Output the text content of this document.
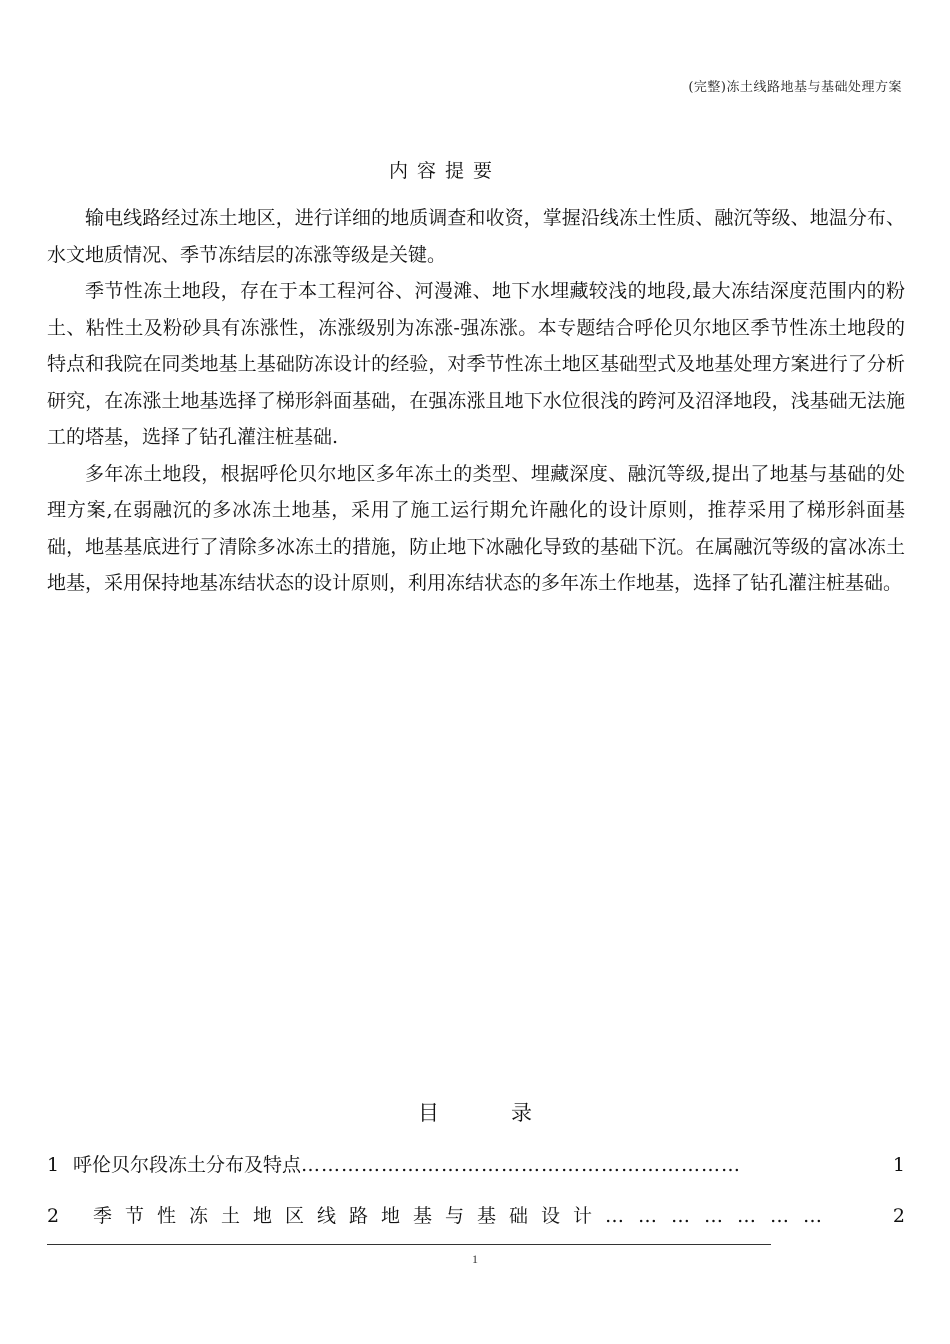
(完整)冻土线路地基与基础处理方案
内容提要

输电线路经过冻土地区，进行详细的地质调查和收资，掌握沿线冻土性质、融沉等级、地温分布、水文地质情况、季节冻结层的冻涨等级是关键。

季节性冻土地段，存在于本工程河谷、河漫滩、地下水埋藏较浅的地段,最大冻结深度范围内的粉土、粘性土及粉砂具有冻涨性，冻涨级别为冻涨-强冻涨。本专题结合呼伦贝尔地区季节性冻土地段的特点和我院在同类地基上基础防冻设计的经验，对季节性冻土地区基础型式及地基处理方案进行了分析研究，在冻涨土地基选择了梯形斜面基础，在强冻涨且地下水位很浅的跨河及沼泽地段，浅基础无法施工的塔基，选择了钻孔灌注桩基础.

多年冻土地段，根据呼伦贝尔地区多年冻土的类型、埋藏深度、融沉等级,提出了地基与基础的处理方案,在弱融沉的多冰冻土地基，采用了施工运行期允许融化的设计原则，推荐采用了梯形斜面基础，地基基底进行了清除多冰冻土的措施，防止地下冰融化导致的基础下沉。在属融沉等级的富冰冻土地基，采用保持地基冻结状态的设计原则，利用冻结状态的多年冻土作地基，选择了钻孔灌注桩基础。

目	录
1 呼伦贝尔段冻土分布及特点 …………………………………………………………	1
2	季节性冻土地区线路地基与基础设计 …………………	2
1
